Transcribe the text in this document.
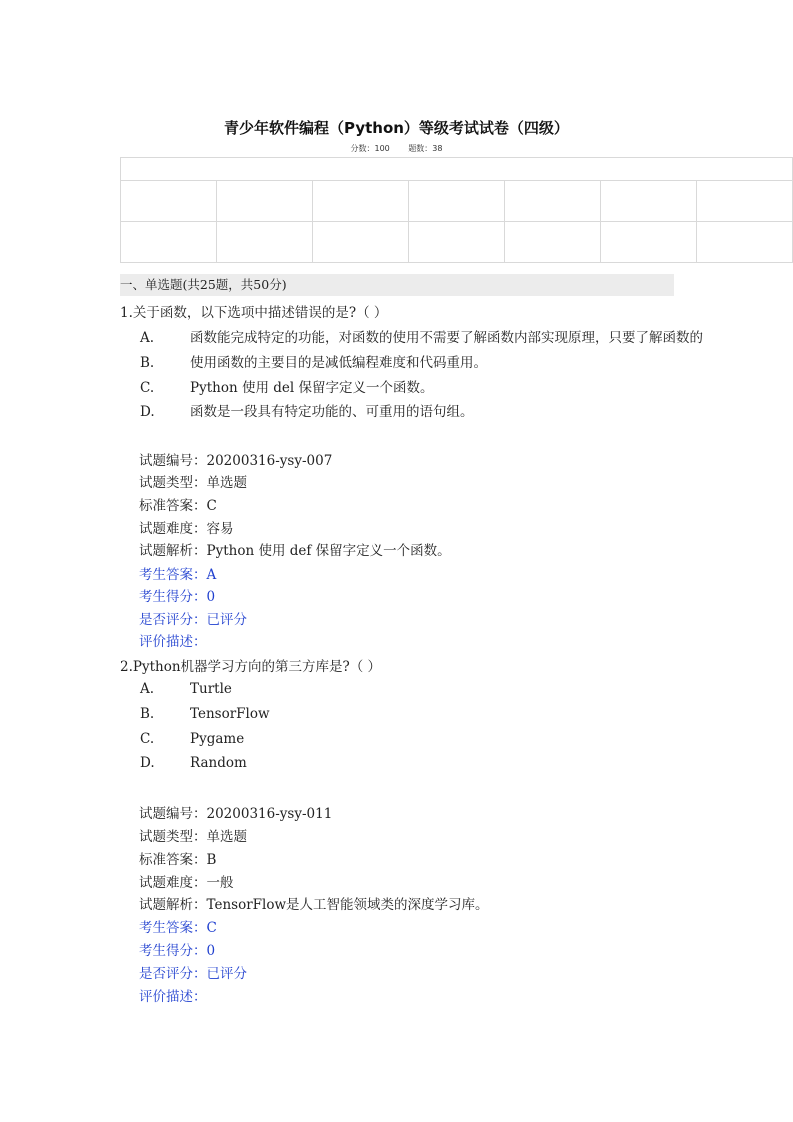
青少年软件编程（Python）等级考试试卷（四级）
分数：100 题数：38

一、单选题(共25题，共50分)
1.关于函数，以下选项中描述错误的是?（ ）
A.	函数能完成特定的功能，对函数的使用不需要了解函数内部实现原理，只要了解函数的
B.	使用函数的主要目的是减低编程难度和代码重用。
C.	Python 使用 del 保留字定义一个函数。
D.	函数是一段具有特定功能的、可重用的语句组。
试题编号：20200316-ysy-007
试题类型：单选题
标准答案：C
试题难度：容易
试题解析：Python 使用 def 保留字定义一个函数。
考生答案：A
考生得分：0
是否评分：已评分
评价描述：
2.Python机器学习方向的第三方库是?（ ）
A.	Turtle
B.	TensorFlow
C.	Pygame
D.	Random
试题编号：20200316-ysy-011
试题类型：单选题
标准答案：B
试题难度：一般
试题解析：TensorFlow是人工智能领域类的深度学习库。
考生答案：C
考生得分：0
是否评分：已评分
评价描述：
